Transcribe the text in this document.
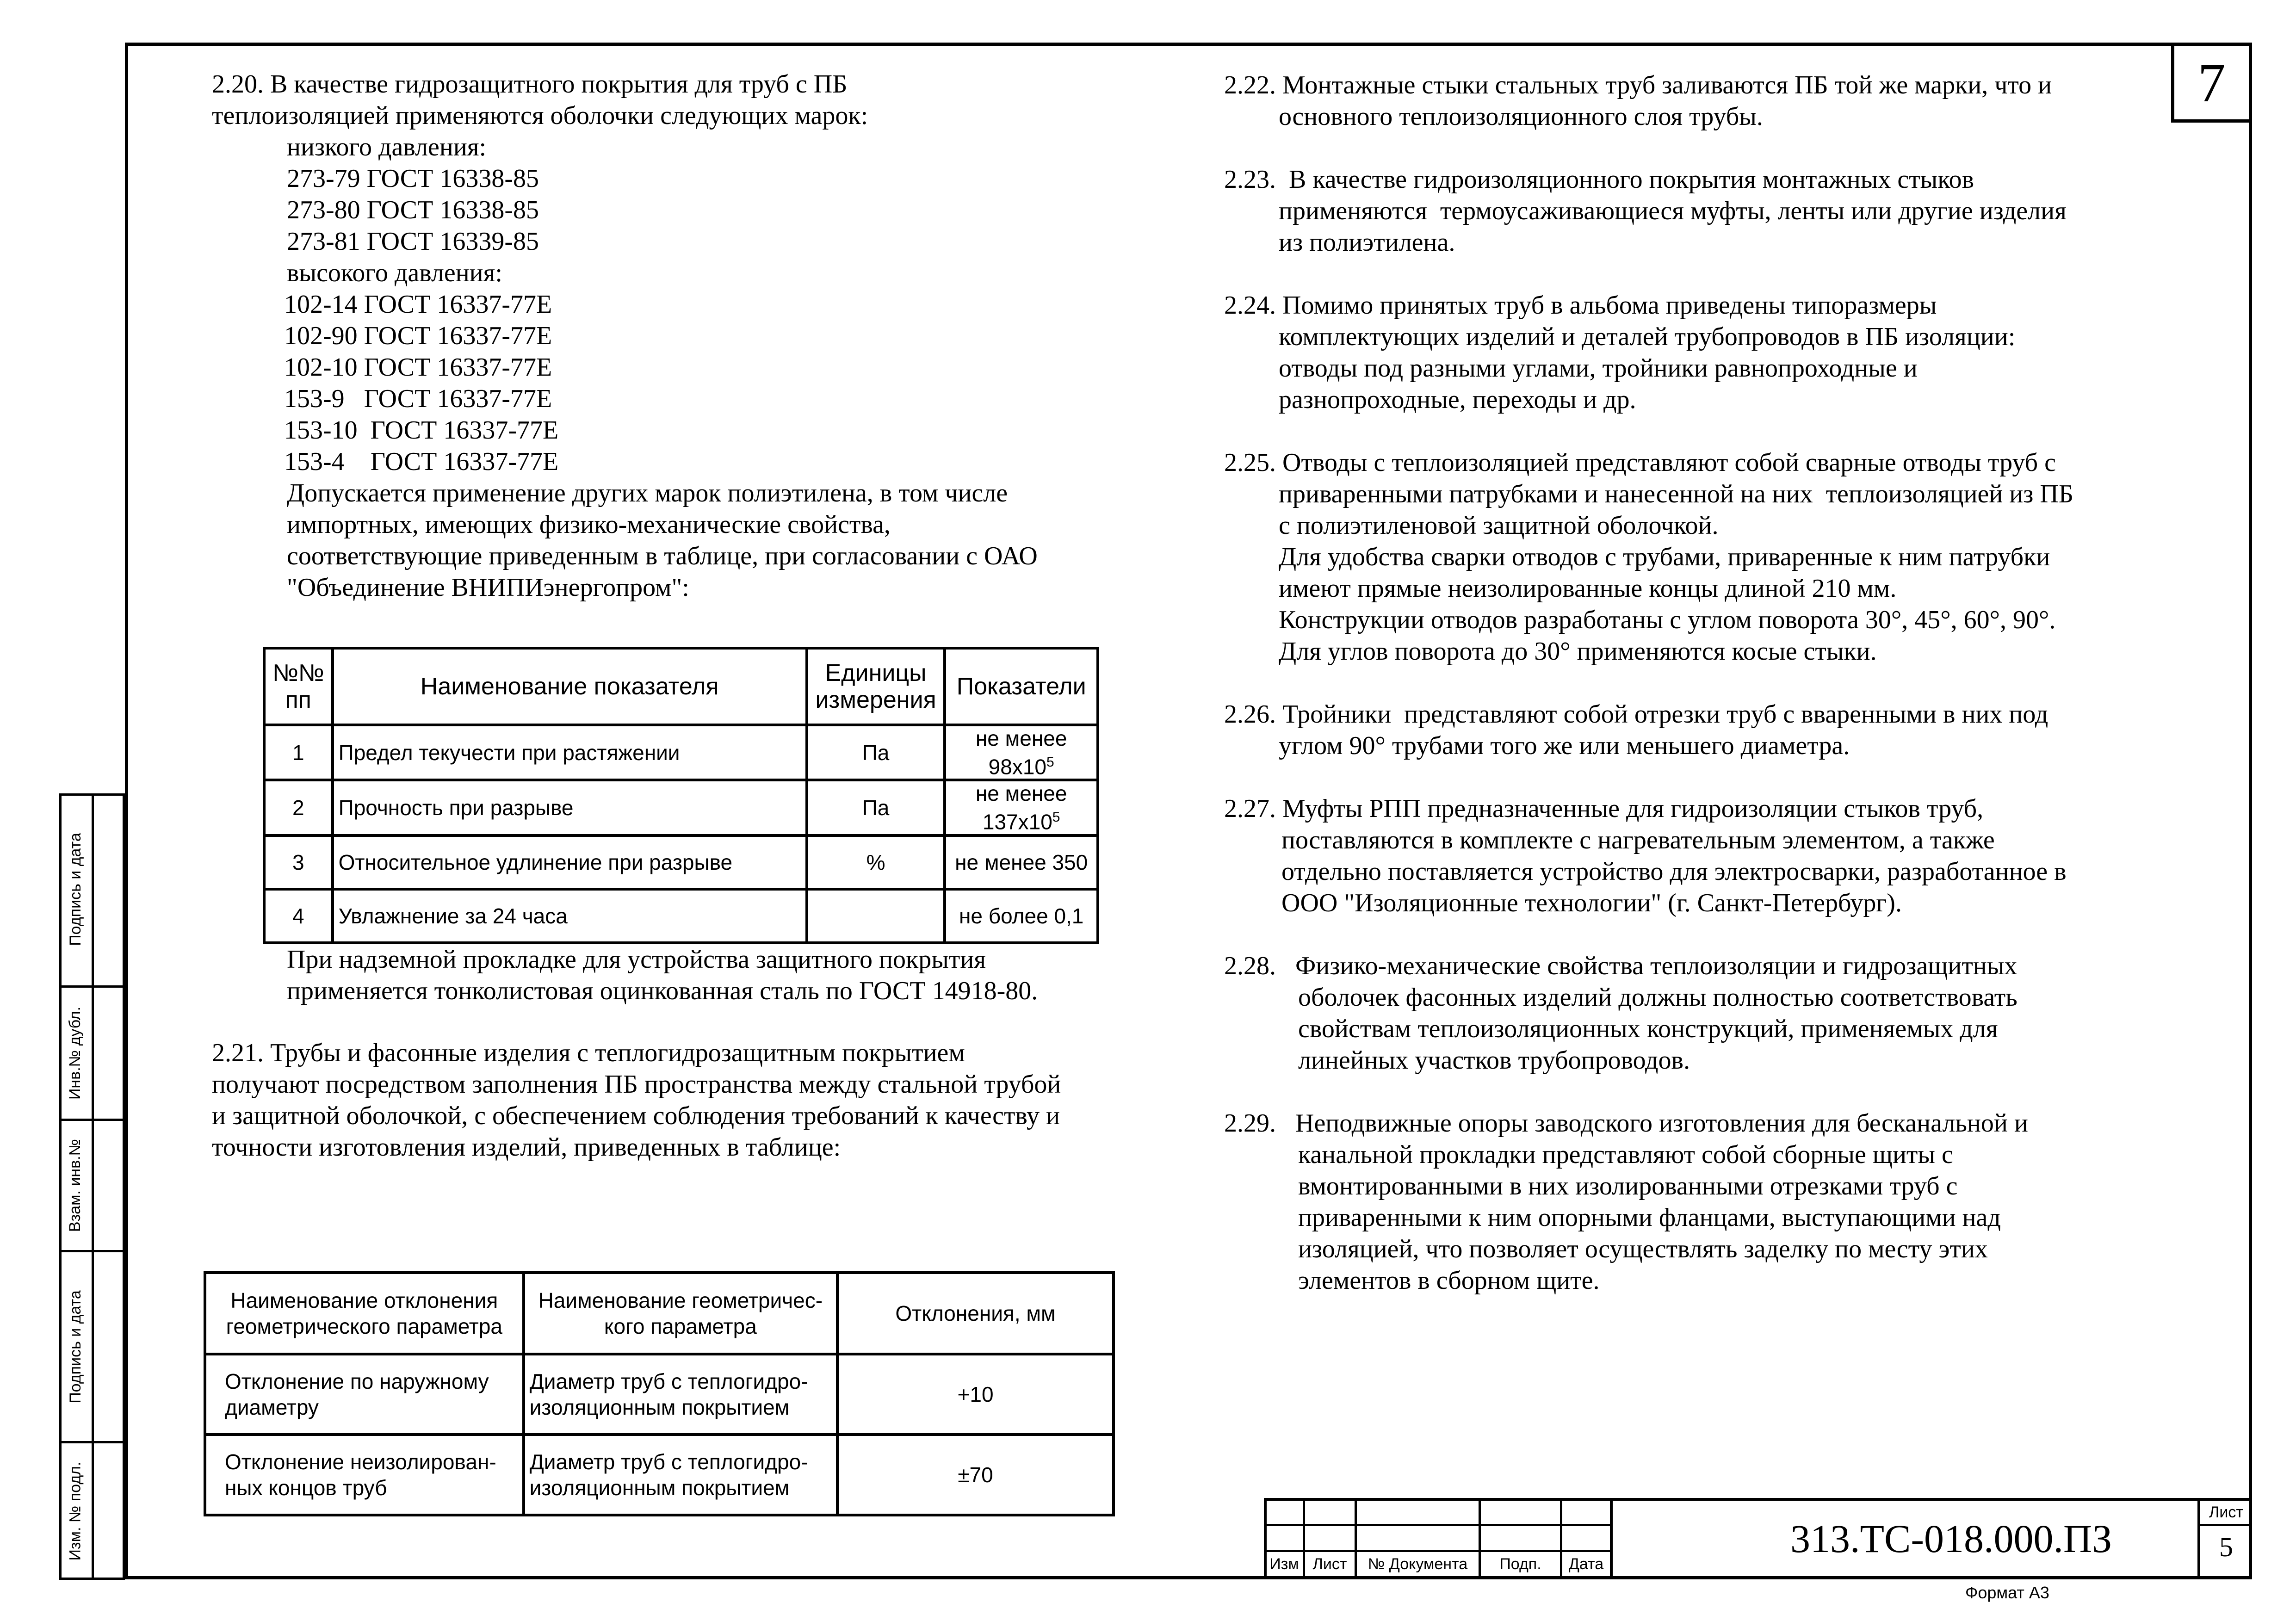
7
Подпись и дата
Инв.№ дубл.
Взам. инв.№
Подпись и дата
Изм. № подл.
2.20. В качестве гидрозащитного покрытия для труб с ПБ
теплоизоляцией применяются оболочки следующих марок:
низкого давления:
273-79 ГОСТ 16338-85
273-80 ГОСТ 16338-85
273-81 ГОСТ 16339-85
высокого давления:
102-14 ГОСТ 16337-77Е
102-90 ГОСТ 16337-77Е
102-10 ГОСТ 16337-77Е
153-9   ГОСТ 16337-77Е
153-10  ГОСТ 16337-77Е
153-4    ГОСТ 16337-77Е
Допускается применение других марок полиэтилена, в том числе
импортных, имеющих физико-механические свойства,
соответствующие приведенным в таблице, при согласовании с ОАО
"Объединение ВНИПИэнергопром":
№№ пп	Наименование показателя	Единицы измерения	Показатели
1	Предел текучести при растяжении	Па	не менее $98х10^5$
2	Прочность при разрыве	Па	не менее $137х10^5$
3	Относительное удлинение при разрыве	%	не менее 350
4	Увлажнение за 24 часа		не более 0,1
При надземной прокладке для устройства защитного покрытия
применяется тонколистовая оцинкованная сталь по ГОСТ 14918-80.
2.21. Трубы и фасонные изделия с теплогидрозащитным покрытием
получают посредством заполнения ПБ пространства между стальной трубой
и защитной оболочкой, с обеспечением соблюдения требований к качеству и
точности изготовления изделий, приведенных в таблице:
Наименование отклонения геометрического параметра	Наименование геометричес-кого параметра	Отклонения, мм
Отклонение по наружному диаметру	Диаметр труб с теплогидро-изоляционным покрытием	+10
Отклонение неизолирован-ных концов труб	Диаметр труб с теплогидро-изоляционным покрытием	±70
2.22. Монтажные стыки стальных труб заливаются ПБ той же марки, что и
основного теплоизоляционного слоя трубы.
2.23.  В качестве гидроизоляционного покрытия монтажных стыков
применяются  термоусаживающиеся муфты, ленты или другие изделия
из полиэтилена.
2.24. Помимо принятых труб в альбома приведены типоразмеры
комплектующих изделий и деталей трубопроводов в ПБ изоляции:
отводы под разными углами, тройники равнопроходные и
разнопроходные, переходы и др.
2.25. Отводы с теплоизоляцией представляют собой сварные отводы труб с
приваренными патрубками и нанесенной на них  теплоизоляцией из ПБ
с полиэтиленовой защитной оболочкой.
Для удобства сварки отводов с трубами, приваренные к ним патрубки
имеют прямые неизолированные концы длиной 210 мм.
Конструкции отводов разработаны с углом поворота 30°, 45°, 60°, 90°.
Для углов поворота до 30° применяются косые стыки.
2.26. Тройники  представляют собой отрезки труб с вваренными в них под
углом 90° трубами того же или меньшего диаметра.
2.27. Муфты РПП предназначенные для гидроизоляции стыков труб,
поставляются в комплекте с нагревательным элементом, а также
отдельно поставляется устройство для электросварки, разработанное в
ООО "Изоляционные технологии" (г. Санкт-Петербург).
2.28.   Физико-механические свойства теплоизоляции и гидрозащитных
оболочек фасонных изделий должны полностью соответствовать
свойствам теплоизоляционных конструкций, применяемых для
линейных участков трубопроводов.
2.29.   Неподвижные опоры заводского изготовления для бесканальной и
канальной прокладки представляют собой сборные щиты с
вмонтированными в них изолированными отрезками труб с
приваренными к ним опорными фланцами, выступающими над
изоляцией, что позволяет осуществлять заделку по месту этих
элементов в сборном щите.
Изм Лист	№ Документа	Подп.	Дата
313.ТС-018.000.ПЗ
Лист
5
Формат А3
